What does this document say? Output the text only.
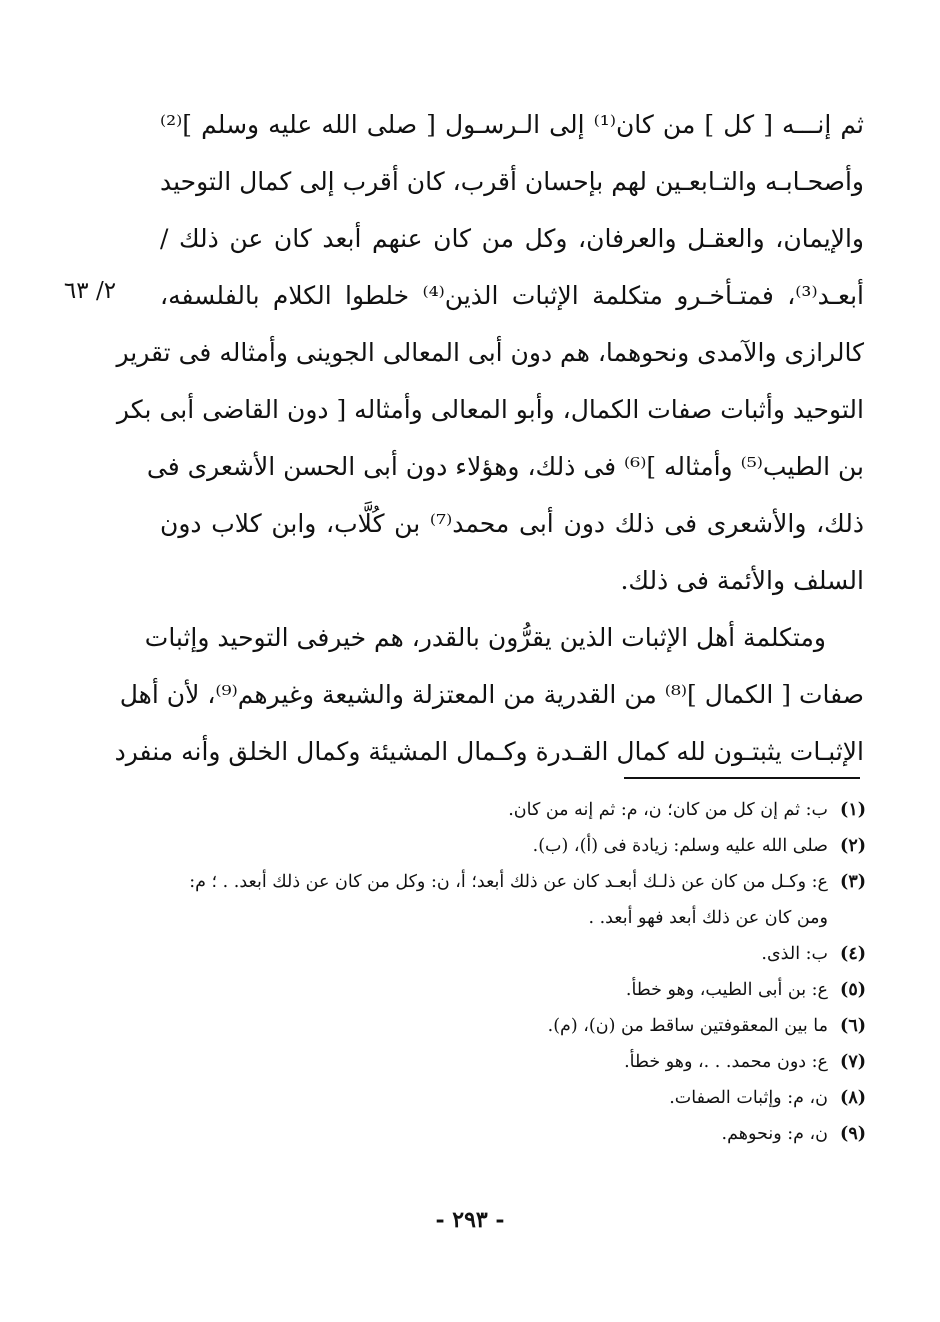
٢/ ٦٣

ثم إنـــه [ كل ] من كان⁽¹⁾ إلى الـرسـول [ صلى الله عليه وسلم ]⁽²⁾
وأصحـابـه والتـابعـين لهم بإحسان أقرب، كان أقرب إلى كمال التوحيد
والإيمان، والعقـل والعرفان، وكل من كان عنهم أبعد كان عن ذلك /
أبعـد⁽³⁾، فمتـأخـرو متكلمة الإثبات الذين⁽⁴⁾ خلطوا الكلام بالفلسفه،
كالرازى والآمدى ونحوهما، هم دون أبى المعالى الجوينى وأمثاله فى تقرير
التوحيد وأثبات صفات الكمال، وأبو المعالى وأمثاله [ دون القاضى أبى بكر
بن الطيب⁽⁵⁾ وأمثاله ]⁽⁶⁾ فى ذلك، وهؤلاء دون أبى الحسن الأشعرى فى
ذلك، والأشعرى فى ذلك دون أبى محمد⁽⁷⁾ بن كُلَّاب، وابن كلاب دون
السلف والأئمة فى ذلك.

ومتكلمة أهل الإثبات الذين يقرُّون بالقدر، هم خيرفى التوحيد وإثبات
صفات [ الكمال ]⁽⁸⁾ من القدرية من المعتزلة والشيعة وغيرهم⁽⁹⁾، لأن أهل
الإثبـات يثبتـون لله كمال القـدرة وكـمال المشيئة وكمال الخلق وأنه منفرد

(١)
ب: ثم إن كل من كان؛ ن، م: ثم إنه من كان.
(٢)
صلى الله عليه وسلم: زيادة فى (أ)، (ب).
(٣)
ع: وكـل من كان عن ذلـك أبعـد كان عن ذلك أبعد؛ أ، ن: وكل من كان عن ذلك أبعد. . ؛ م: ومن كان عن ذلك أبعد فهو أبعد. .
(٤)
ب: الذى.
(٥)
ع: بن أبى الطيب، وهو خطأ.
(٦)
ما بين المعقوفتين ساقط من (ن)، (م).
(٧)
ع: دون محمد. . .، وهو خطأ.
(٨)
ن، م: وإثبات الصفات.
(٩)
ن، م: ونحوهم.
- ٢٩٣ -
